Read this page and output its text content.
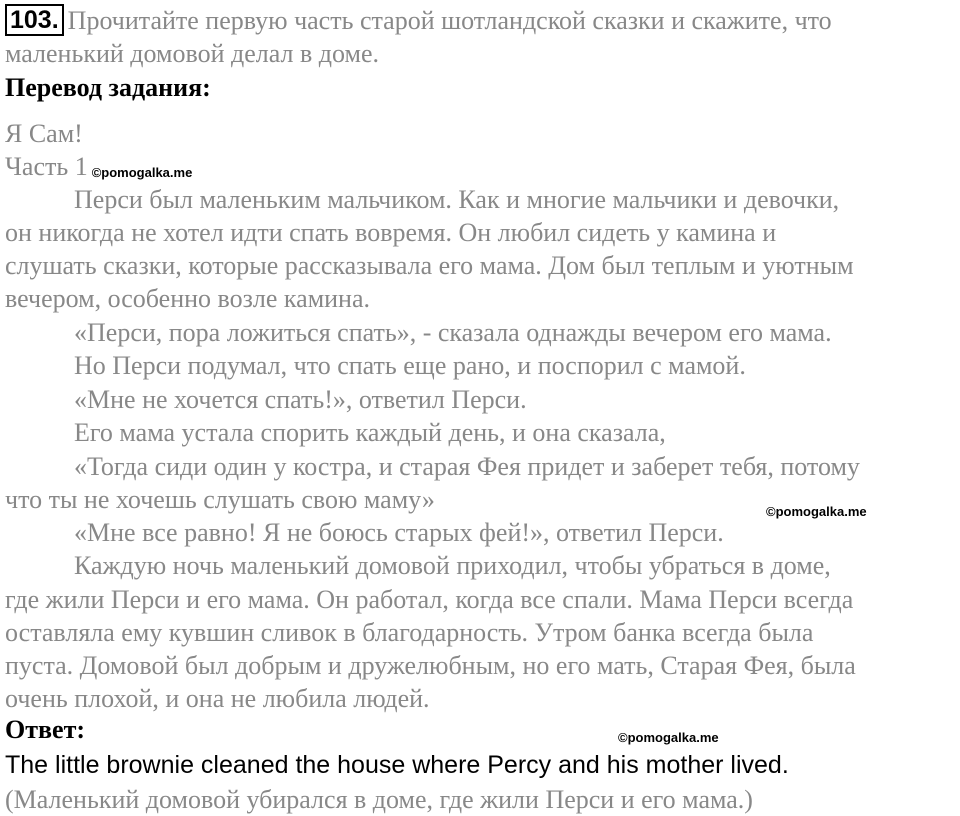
103. Прочитайте первую часть старой шотландской сказки и скажите, что
маленький домовой делал в доме.
Перевод задания:
Я Сам!
Часть 1 ©pomogalka.me
Перси был маленьким мальчиком. Как и многие мальчики и девочки,
он никогда не хотел идти спать вовремя. Он любил сидеть у камина и
слушать сказки, которые рассказывала его мама. Дом был теплым и уютным
вечером, особенно возле камина.
«Перси, пора ложиться спать», - сказала однажды вечером его мама.
Но Перси подумал, что спать еще рано, и поспорил с мамой.
«Мне не хочется спать!», ответил Перси.
Его мама устала спорить каждый день, и она сказала,
«Тогда сиди один у костра, и старая Фея придет и заберет тебя, потому
что ты не хочешь слушать свою маму»
«Мне все равно! Я не боюсь старых фей!», ответил Перси.
Каждую ночь маленький домовой приходил, чтобы убраться в доме,
где жили Перси и его мама. Он работал, когда все спали. Мама Перси всегда
оставляла ему кувшин сливок в благодарность. Утром банка всегда была
пуста. Домовой был добрым и дружелюбным, но его мать, Старая Фея, была
очень плохой, и она не любила людей.
Ответ:
The little brownie cleaned the house where Percy and his mother lived.
(Маленький домовой убирался в доме, где жили Перси и его мама.)
©pomogalka.me
©pomogalka.me
